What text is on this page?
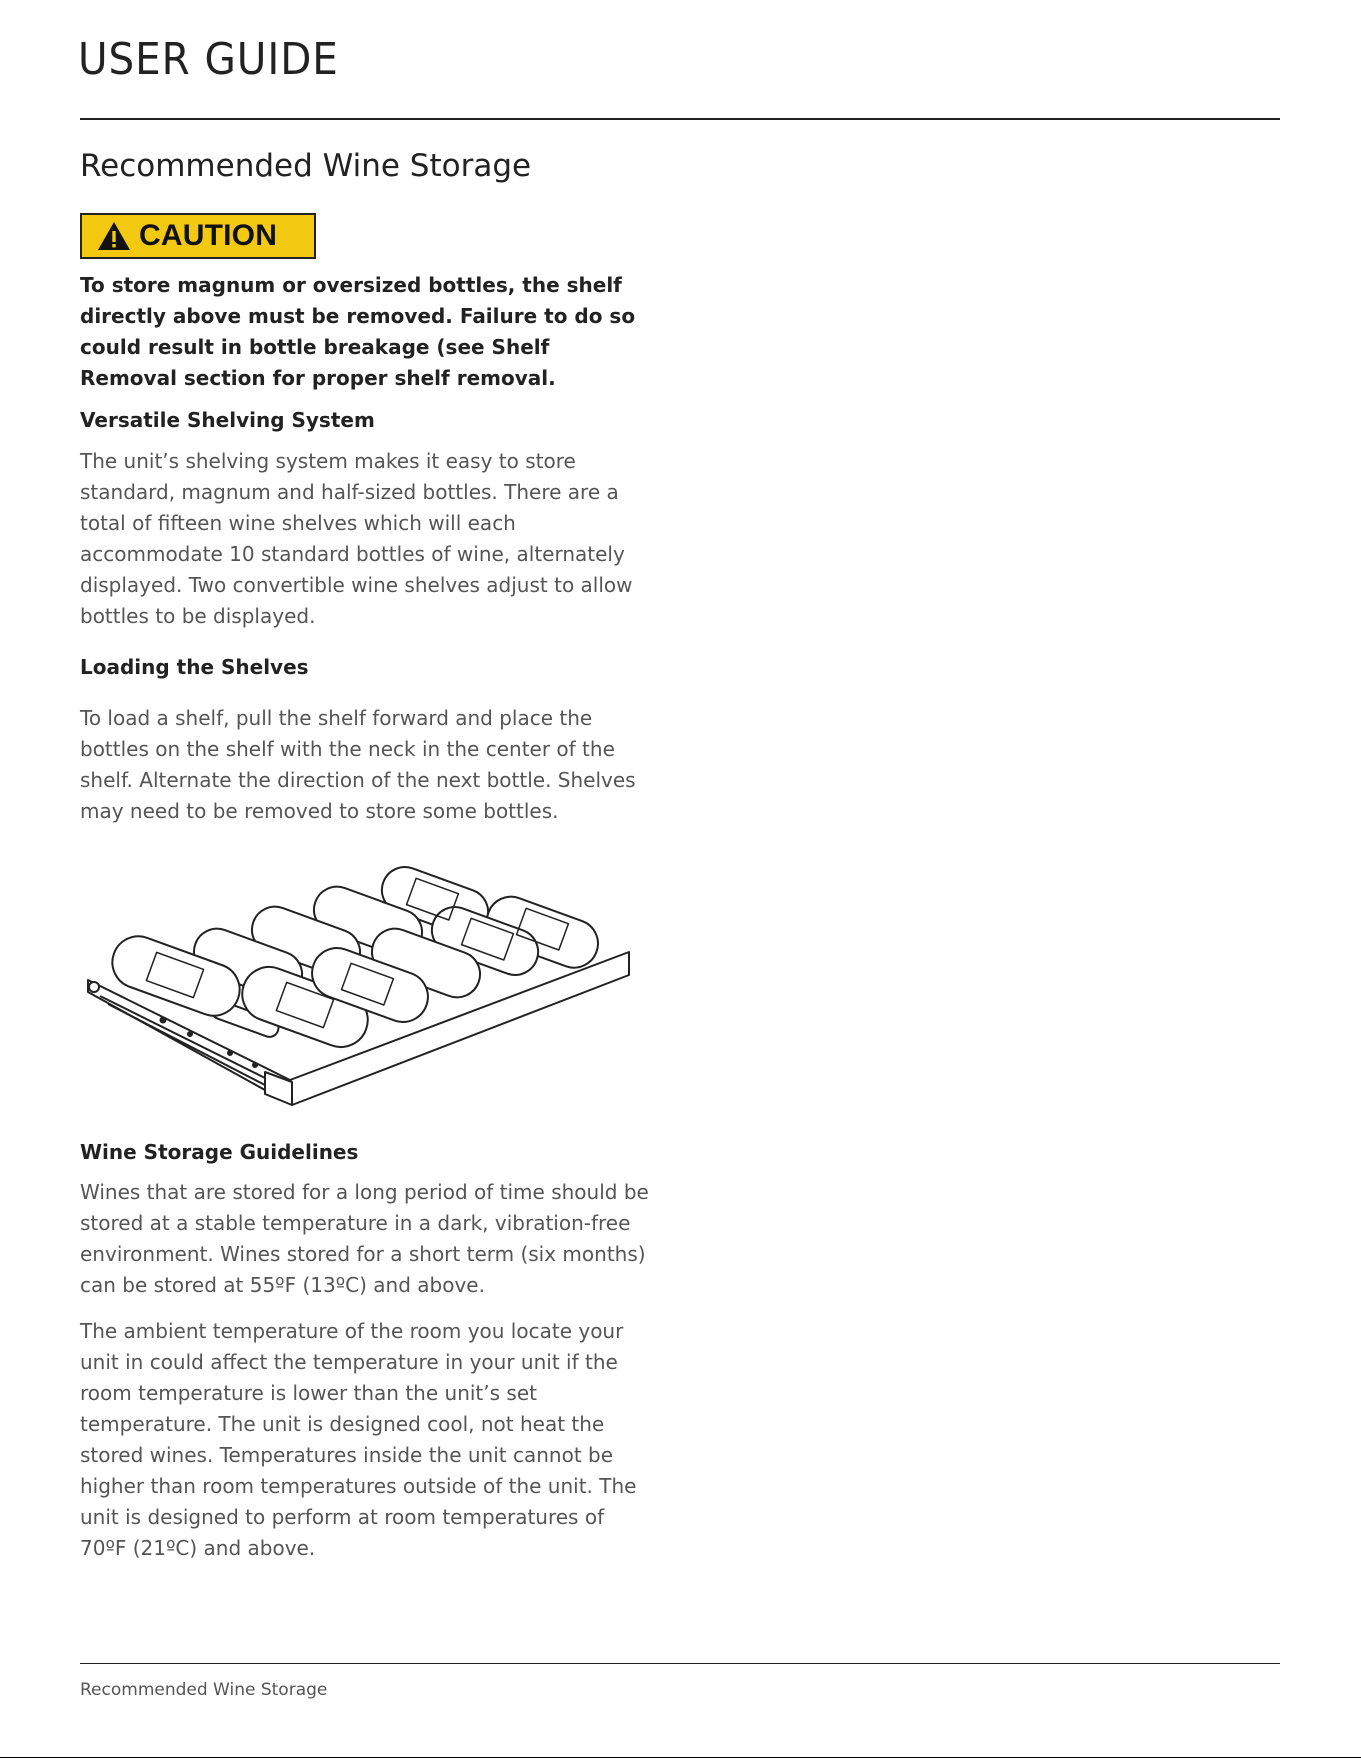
USER GUIDE
Recommended Wine Storage
CAUTION

To store magnum or oversized bottles, the shelf directly above must be removed. Failure to do so could result in bottle breakage (see Shelf Removal section for proper shelf removal.

Versatile Shelving System

The unit’s shelving system makes it easy to store standard, magnum and half-sized bottles. There are a total of fifteen wine shelves which will each accommodate 10 standard bottles of wine, alternately displayed. Two convertible wine shelves adjust to allow bottles to be displayed.

Loading the Shelves

To load a shelf, pull the shelf forward and place the bottles on the shelf with the neck in the center of the shelf. Alternate the direction of the next bottle. Shelves may need to be removed to store some bottles.

Wine Storage Guidelines

Wines that are stored for a long period of time should be stored at a stable temperature in a dark, vibration-free environment. Wines stored for a short term (six months) can be stored at 55ºF (13ºC) and above.

The ambient temperature of the room you locate your unit in could affect the temperature in your unit if the room temperature is lower than the unit’s set temperature. The unit is designed cool, not heat the stored wines. Temperatures inside the unit cannot be higher than room temperatures outside of the unit. The unit is designed to perform at room temperatures of 70ºF (21ºC) and above.

Recommended Wine Storage
